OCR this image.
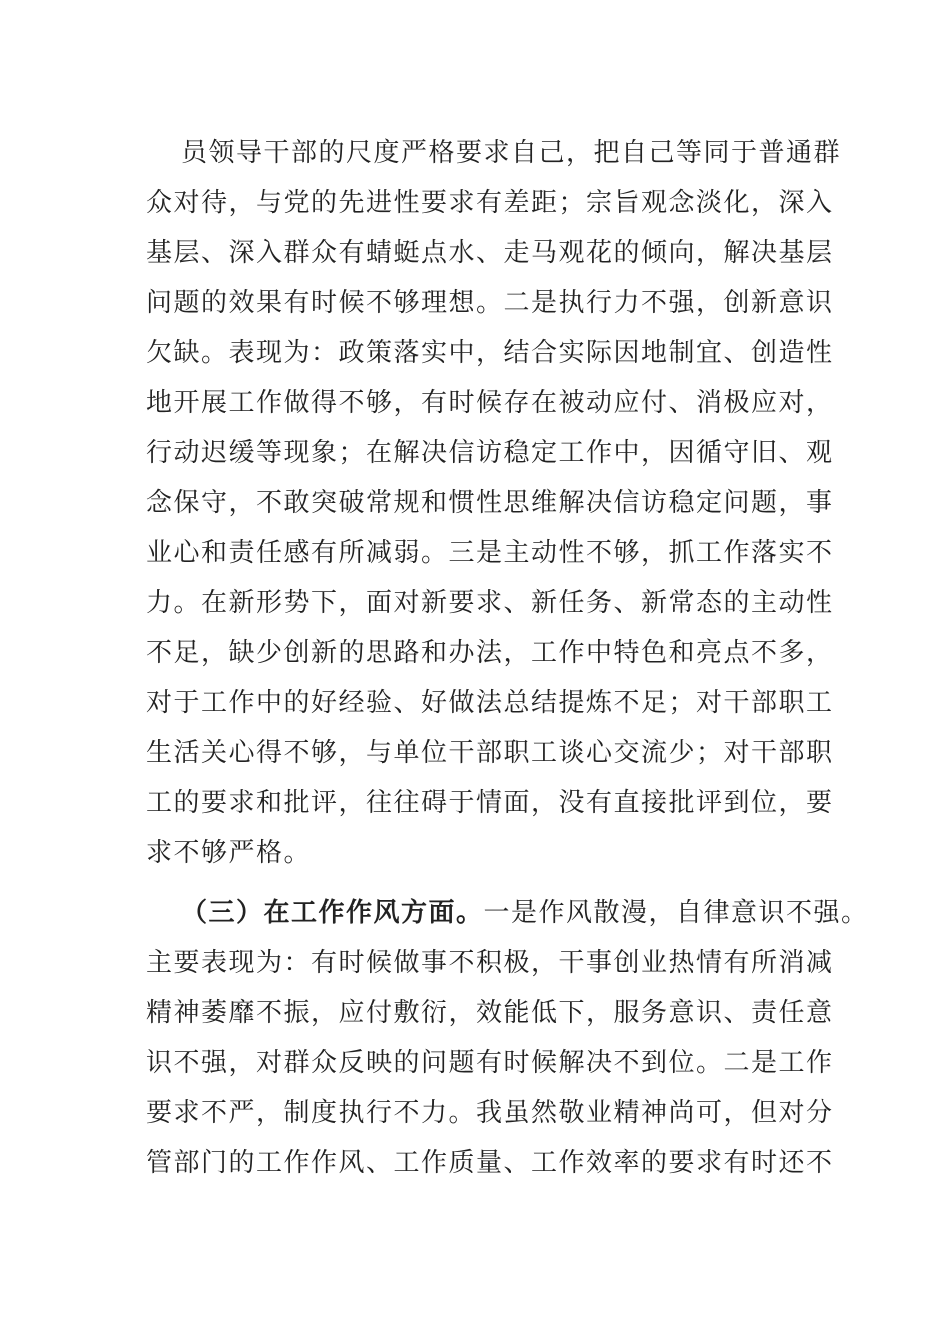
员领导干部的尺度严格要求自己，把自己等同于普通群
众对待，与党的先进性要求有差距；宗旨观念淡化，深入
基层、深入群众有蜻蜓点水、走马观花的倾向，解决基层
问题的效果有时候不够理想。二是执行力不强，创新意识
欠缺。表现为：政策落实中，结合实际因地制宜、创造性
地开展工作做得不够，有时候存在被动应付、消极应对，
行动迟缓等现象；在解决信访稳定工作中，因循守旧、观
念保守，不敢突破常规和惯性思维解决信访稳定问题，事
业心和责任感有所减弱。三是主动性不够，抓工作落实不
力。在新形势下，面对新要求、新任务、新常态的主动性
不足，缺少创新的思路和办法，工作中特色和亮点不多，
对于工作中的好经验、好做法总结提炼不足；对干部职工
生活关心得不够，与单位干部职工谈心交流少；对干部职
工的要求和批评，往往碍于情面，没有直接批评到位，要
求不够严格。
（三）在工作作风方面。一是作风散漫，自律意识不强。
主要表现为：有时候做事不积极，干事创业热情有所消减
精神萎靡不振，应付敷衍，效能低下，服务意识、责任意
识不强，对群众反映的问题有时候解决不到位。二是工作
要求不严，制度执行不力。我虽然敬业精神尚可，但对分
管部门的工作作风、工作质量、工作效率的要求有时还不
